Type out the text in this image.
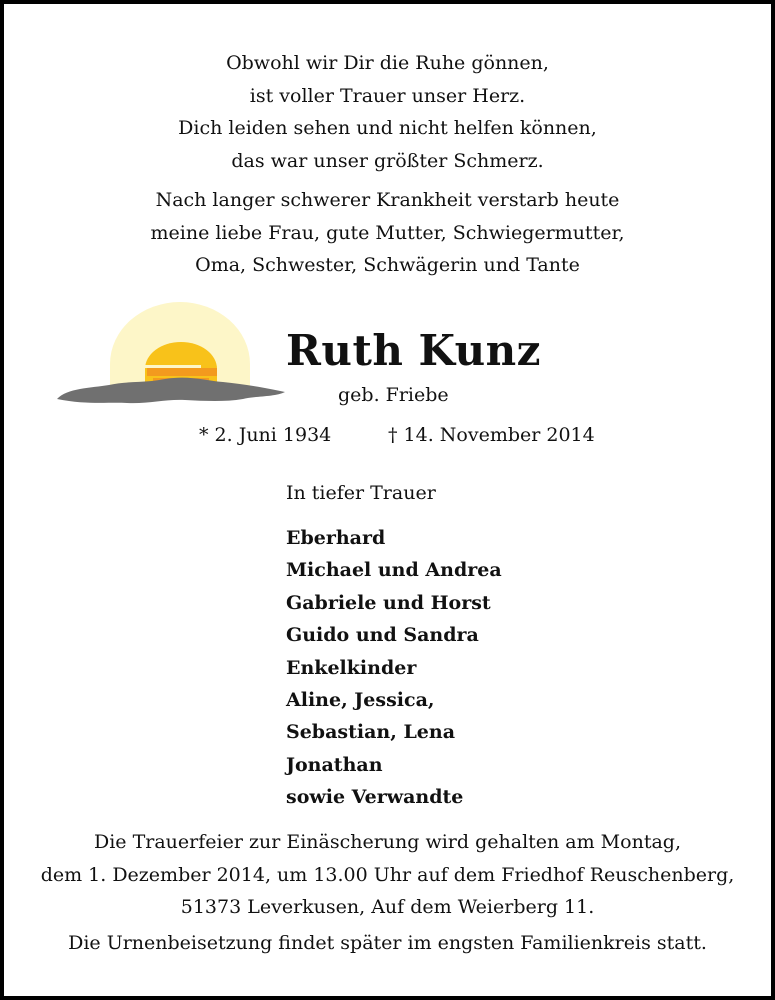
Obwohl wir Dir die Ruhe gönnen,
ist voller Trauer unser Herz.
Dich leiden sehen und nicht helfen können,
das war unser größter Schmerz.
Nach langer schwerer Krankheit verstarb heute
meine liebe Frau, gute Mutter, Schwiegermutter,
Oma, Schwester, Schwägerin und Tante
Ruth Kunz
geb. Friebe
* 2. Juni 1934	† 14. November 2014
In tiefer Trauer
Eberhard
Michael und Andrea
Gabriele und Horst
Guido und Sandra
Enkelkinder
Aline, Jessica,
Sebastian, Lena
Jonathan
sowie Verwandte
Die Trauerfeier zur Einäscherung wird gehalten am Montag,
dem 1. Dezember 2014, um 13.00 Uhr auf dem Friedhof Reuschenberg,
51373 Leverkusen, Auf dem Weierberg 11.
Die Urnenbeisetzung findet später im engsten Familienkreis statt.
